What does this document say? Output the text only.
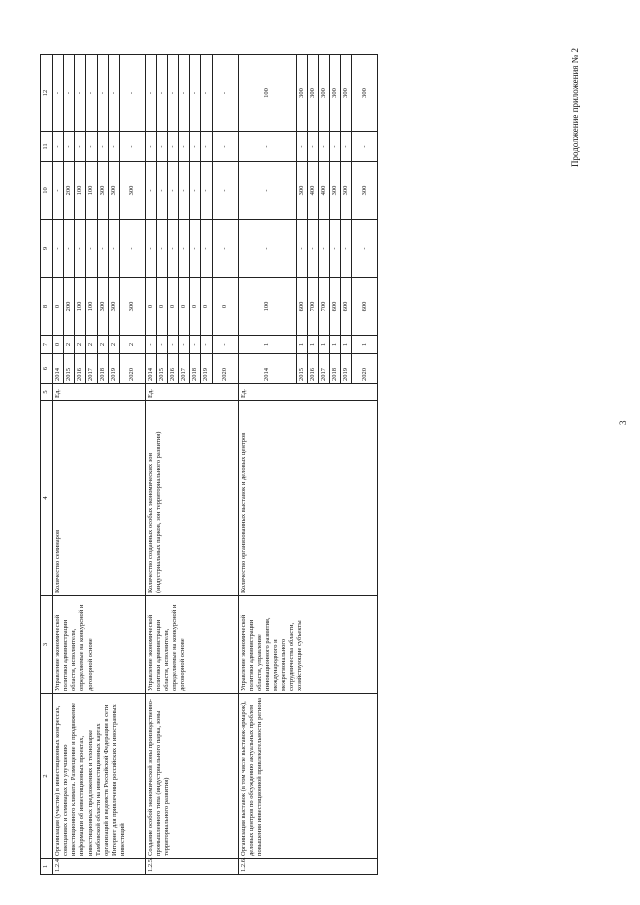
3
Продолжение приложения № 2
1	2	3	4	5	6	7	8	9	10	11	12
1.2.4	Организация (участие) в инвестиционных конгрессах, совещаниях и семинарах по улучшению инвестиционного климата. Размещение и продвижение информации об инвестиционных проектах, инвестиционных предложениях и технопарке Тамбовской области на инвестиционных картах организаций и ведомств Российской Федерации в сети Интернет для привлечения российских и иностранных инвестиций	Управление экономической политики администрации области, исполнители, определяемые на конкурсной и договорной основе	Количество семинаров	Ед.	2014	0	0	-	-	-	-
					2015	2	200	-	200	-	-
					2016	2	100	-	100	-	-
					2017	2	100	-	100	-	-
					2018	2	300	-	300	-	-
					2019	2	300	-	300	-	-
					2020	2	300	-	300	-	-
1.2.5.	Создание особой экономической зоны производственно-промышленного типа (индустриального парка, зоны территориального развития)	Управление экономической политики администрации области, исполнители, определяемые на конкурсной и договорной основе	Количество созданных особых экономических зон (индустриальных парков, зон территориального развития)	Ед.	2014	-	0	-	-	-	-
					2015	-	0	-	-	-	-
					2016	-	0	-	-	-	-
					2017	-	0	-	-	-	-
					2018	-	0	-	-	-	-
					2019	-	0	-	-	-	-
					2020	-	0	-	-	-	-
1.2.6.	Организация выставок (в том числе выставок-ярмарок), деловых центров по обсуждению актуальных проблем повышения инвестиционной привлекательности региона	Управление экономической политики администрации области, управление инновационного развития, международного и межрегионального сотрудничества области, хозяйствующие субъекты	Количество организованных выставок и деловых центров	Ед.	2014	1	100	-	-	-	100
					2015	1	600	-	300	-	300
					2016	1	700	-	400	-	300
					2017	1	700	-	400	-	300
					2018	1	600	-	300	-	300
					2019	1	600	-	300	-	300
					2020	1	600	-	300	-	300
